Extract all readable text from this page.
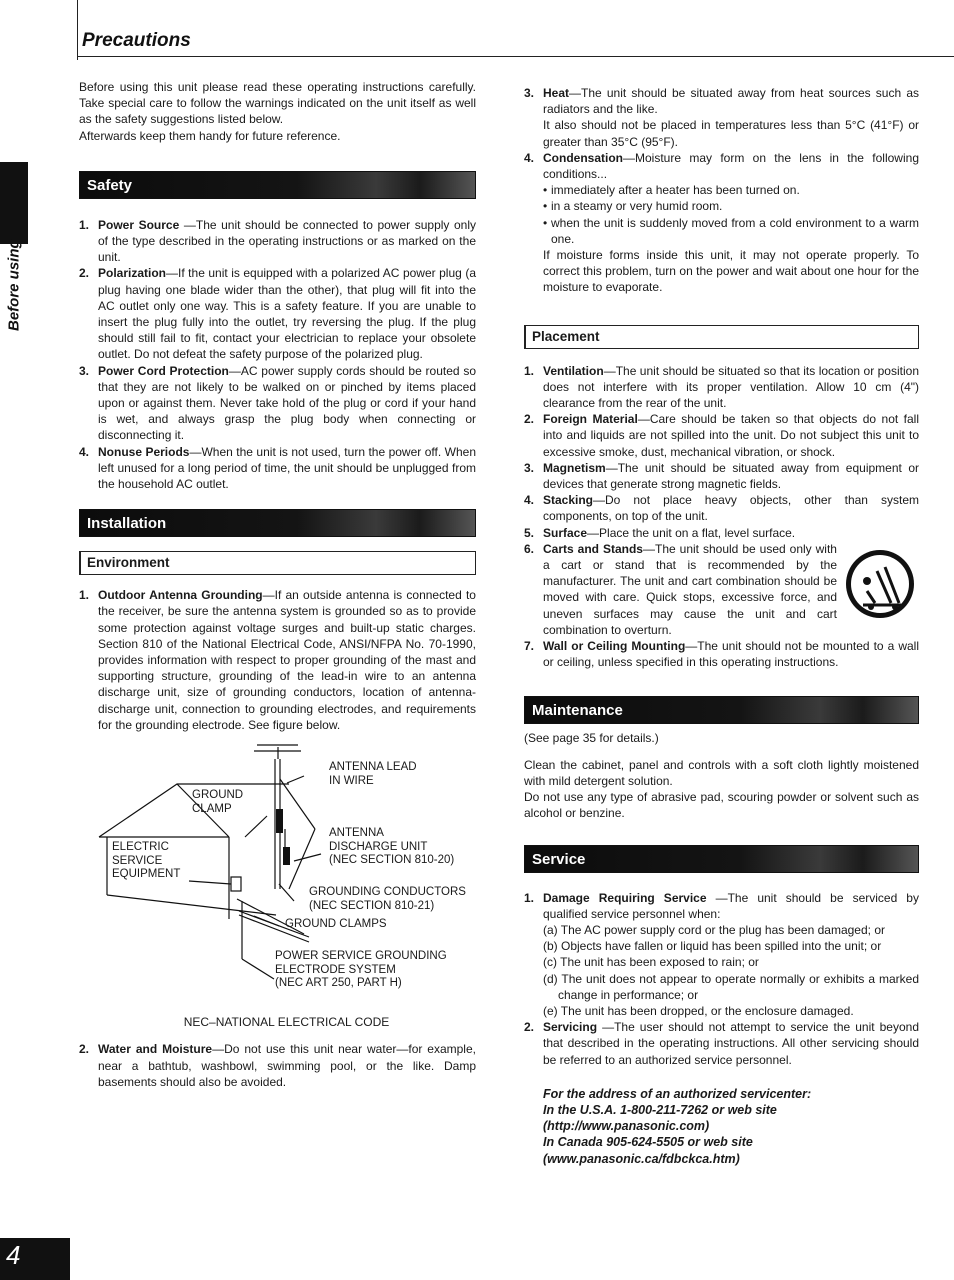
Precautions
Before using

Before using this unit please read these operating instructions carefully. Take special care to follow the warnings indicated on the unit itself as well as the safety suggestions listed below.

Afterwards keep them handy for future reference.

Safety
1. Power Source —The unit should be connected to power supply only of the type described in the operating instructions or as marked on the unit.
2. Polarization—If the unit is equipped with a polarized AC power plug (a plug having one blade wider than the other), that plug will fit into the AC outlet only one way. This is a safety feature. If you are unable to insert the plug fully into the outlet, try reversing the plug. If the plug should still fail to fit, contact your electrician to replace your obsolete outlet. Do not defeat the safety purpose of the polarized plug.
3. Power Cord Protection—AC power supply cords should be routed so that they are not likely to be walked on or pinched by items placed upon or against them. Never take hold of the plug or cord if your hand is wet, and always grasp the plug body when connecting or disconnecting it.
4. Nonuse Periods—When the unit is not used, turn the power off. When left unused for a long period of time, the unit should be unplugged from the household AC outlet.
Installation
Environment
1. Outdoor Antenna Grounding—If an outside antenna is connected to the receiver, be sure the antenna system is grounded so as to provide some protection against voltage surges and built-up static charges. Section 810 of the National Electrical Code, ANSI/NFPA No. 70-1990, provides information with respect to proper grounding of the mast and supporting structure, grounding of the lead-in wire to an antenna discharge unit, size of grounding conductors, location of antenna-discharge unit, connection to grounding electrodes, and requirements for the grounding electrode. See figure below.
ANTENNA LEAD
IN WIRE
GROUND
CLAMP
ANTENNA
DISCHARGE UNIT
(NEC SECTION 810-20)
ELECTRIC
SERVICE
EQUIPMENT
GROUNDING CONDUCTORS
(NEC SECTION 810-21)
GROUND CLAMPS
POWER SERVICE GROUNDING
ELECTRODE SYSTEM
(NEC ART 250, PART H)
NEC–NATIONAL ELECTRICAL CODE
2. Water and Moisture—Do not use this unit near water—for example, near a bathtub, washbowl, swimming pool, or the like. Damp basements should also be avoided.
3. Heat—The unit should be situated away from heat sources such as radiators and the like.
It also should not be placed in temperatures less than 5°C (41°F) or greater than 35°C (95°F).
4. Condensation—Moisture may form on the lens in the following conditions...
• immediately after a heater has been turned on.
• in a steamy or very humid room.
• when the unit is suddenly moved from a cold environment to a warm one.
If moisture forms inside this unit, it may not operate properly. To correct this problem, turn on the power and wait about one hour for the moisture to evaporate.
Placement
1. Ventilation—The unit should be situated so that its location or position does not interfere with its proper ventilation. Allow 10 cm (4") clearance from the rear of the unit.
2. Foreign Material—Care should be taken so that objects do not fall into and liquids are not spilled into the unit. Do not subject this unit to excessive smoke, dust, mechanical vibration, or shock.
3. Magnetism—The unit should be situated away from equipment or devices that generate strong magnetic fields.
4. Stacking—Do not place heavy objects, other than system components, on top of the unit.
5. Surface—Place the unit on a flat, level surface.
6. Carts and Stands—The unit should be used only with a cart or stand that is recommended by the manufacturer. The unit and cart combination should be moved with care. Quick stops, excessive force, and uneven surfaces may cause the unit and cart combination to overturn.
7. Wall or Ceiling Mounting—The unit should not be mounted to a wall or ceiling, unless specified in this operating instructions.
Maintenance

(See page 35 for details.)

Clean the cabinet, panel and controls with a soft cloth lightly moistened with mild detergent solution.

Do not use any type of abrasive pad, scouring powder or solvent such as alcohol or benzine.

Service
1. Damage Requiring Service —The unit should be serviced by qualified service personnel when:
(a) The AC power supply cord or the plug has been damaged; or
(b) Objects have fallen or liquid has been spilled into the unit; or
(c) The unit has been exposed to rain; or
(d) The unit does not appear to operate normally or exhibits a marked change in performance; or
(e) The unit has been dropped, or the enclosure damaged.
2. Servicing —The user should not attempt to service the unit beyond that described in the operating instructions. All other servicing should be referred to an authorized service personnel.
For the address of an authorized servicenter:
In the U.S.A. 1-800-211-7262 or web site
(http://www.panasonic.com)
In Canada 905-624-5505 or web site
(www.panasonic.ca/fdbckca.htm)
4
